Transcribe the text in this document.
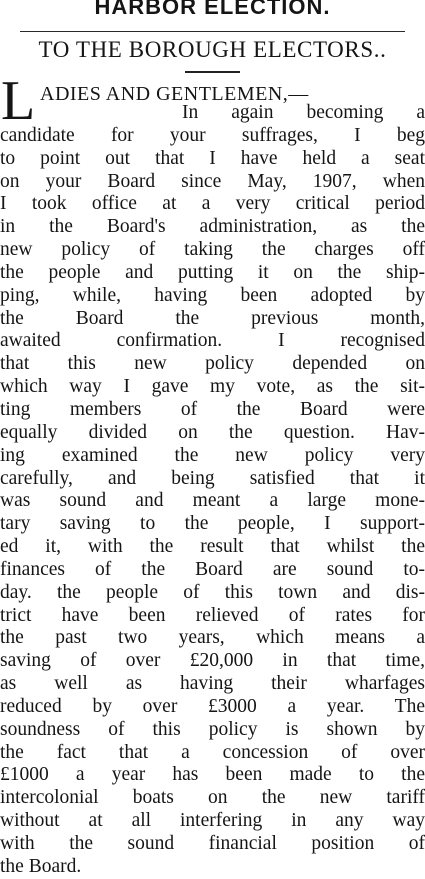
HARBOR ELECTION.
TO THE BOROUGH ELECTORS..
L ADIES AND GENTLEMEN,—
In again becoming a
candidate for your suffrages, I beg
to point out that I have held a seat
on your Board since May, 1907, when
I took office at a very critical period
in the Board's administration, as the
new policy of taking the charges off
the people and putting it on the ship-
ping, while, having been adopted by
the Board the previous month,
awaited confirmation. I recognised
that this new policy depended on
which way I gave my vote, as the sit-
ting members of the Board were
equally divided on the question. Hav-
ing examined the new policy very
carefully, and being satisfied that it
was sound and meant a large mone-
tary saving to the people, I support-
ed it, with the result that whilst the
finances of the Board are sound to-
day. the people of this town and dis-
trict have been relieved of rates for
the past two years, which means a
saving of over £20,000 in that time,
as well as having their wharfages
reduced by over £3000 a year. The
soundness of this policy is shown by
the fact that a concession of over
£1000 a year has been made to the
intercolonial boats on the new tariff
without at all interfering in any way
with the sound financial position of
the Board.
